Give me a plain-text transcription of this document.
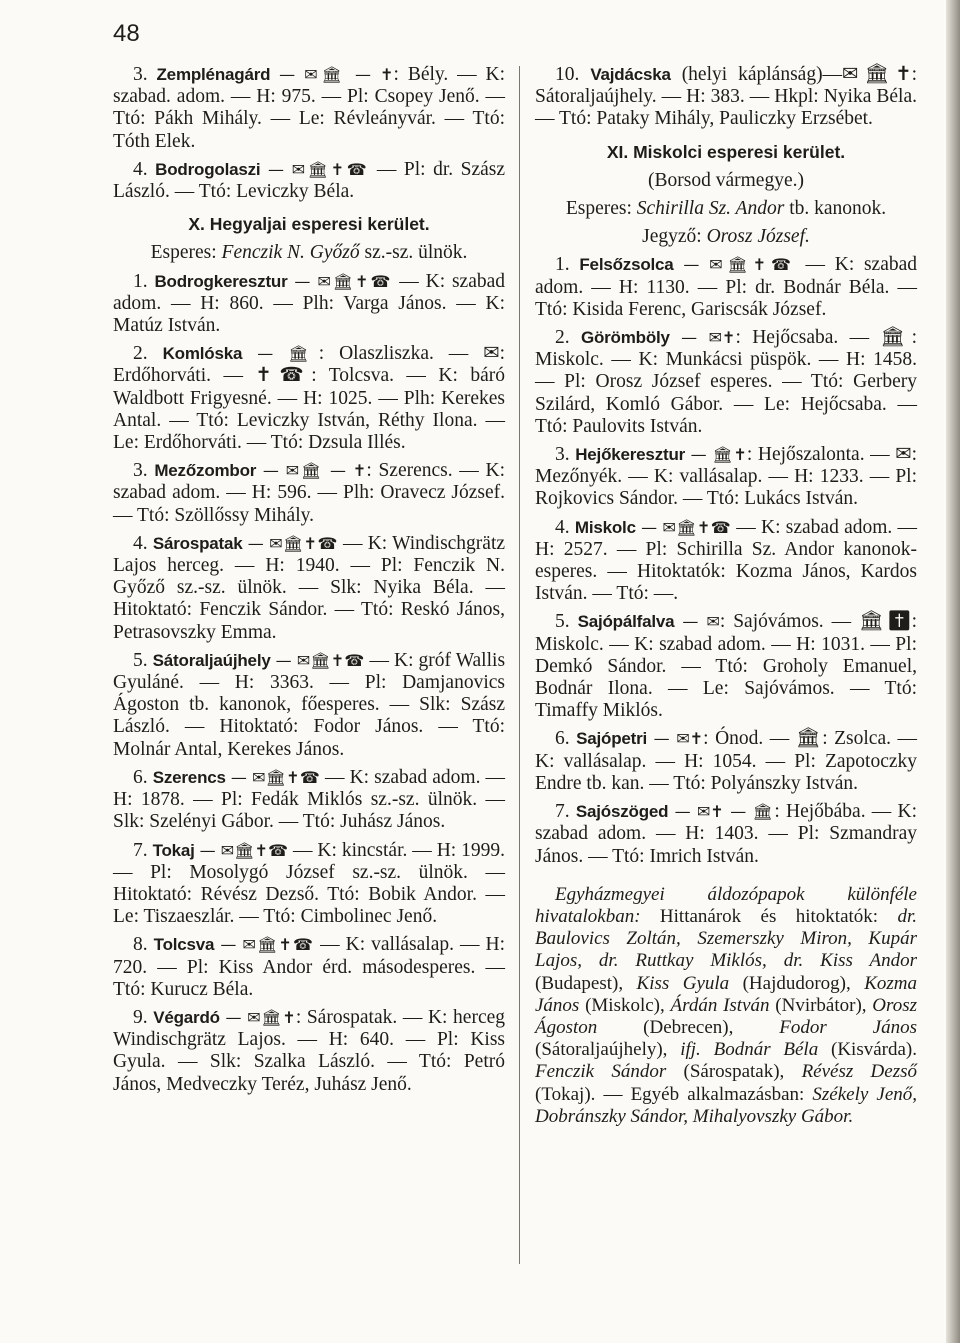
48
3. Zemplénagárd — ✉🏛 — ✝: Bély. — K: szabad. adom. — H: 975. — Pl: Csopey Jenő. — Ttó: Pákh Mihály. — Le: Révleányvár. — Ttó: Tóth Elek.
4. Bodrogolaszi — ✉🏛✝☎ — Pl: dr. Szász László. — Ttó: Leviczky Béla.
X. Hegyaljai esperesi kerület.
Esperes: Fenczik N. Győző sz.-sz. ülnök.
1. Bodrogkeresztur — ✉🏛✝☎ — K: szabad adom. — H: 860. — Plh: Varga János. — K: Matúz István.
2. Komlóska — 🏛: Olaszliszka. — ✉: Erdőhorváti. — ✝☎: Tolcsva. — K: báró Waldbott Frigyesné. — H: 1025. — Plh: Kerekes Antal. — Ttó: Leviczky István, Réthy Ilona. — Le: Erdőhorváti. — Ttó: Dzsula Illés.
3. Mezőzombor — ✉🏛 — ✝: Szerencs. — K: szabad adom. — H: 596. — Plh: Oravecz József. — Ttó: Szöllőssy Mihály.
4. Sárospatak — ✉🏛✝☎ — K: Windischgrätz Lajos herceg. — H: 1940. — Pl: Fenczik N. Győző sz.-sz. ülnök. — Slk: Nyika Béla. — Hitoktató: Fenczik Sándor. — Ttó: Reskó János, Petrasovszky Emma.
5. Sátoraljaújhely — ✉🏛✝☎ — K: gróf Wallis Gyuláné. — H: 3363. — Pl: Damjanovics Ágoston tb. kanonok, főesperes. — Slk: Szász László. — Hitoktató: Fodor János. — Ttó: Molnár Antal, Kerekes János.
6. Szerencs — ✉🏛✝☎ — K: szabad adom. — H: 1878. — Pl: Fedák Miklós sz.-sz. ülnök. — Slk: Szelényi Gábor. — Ttó: Juhász János.
7. Tokaj — ✉🏛✝☎ — K: kincstár. — H: 1999. — Pl: Mosolygó József sz.-sz. ülnök. — Hitoktató: Révész Dezső. Ttó: Bobik Andor. — Le: Tiszaeszlár. — Ttó: Cimbolinec Jenő.
8. Tolcsva — ✉🏛✝☎ — K: vallásalap. — H: 720. — Pl: Kiss Andor érd. másodesperes. — Ttó: Kurucz Béla.
9. Végardó — ✉🏛✝: Sárospatak. — K: herceg Windischgrätz Lajos. — H: 640. — Pl: Kiss Gyula. — Slk: Szalka László. — Ttó: Petró János, Medveczky Teréz, Juhász Jenő.
10. Vajdácska (helyi káplánság)—✉🏛✝: Sátoraljaújhely. — H: 383. — Hkpl: Nyika Béla. — Ttó: Pataky Mihály, Pauliczky Erzsébet.
XI. Miskolci esperesi kerület.
(Borsod vármegye.)
Esperes: Schirilla Sz. Andor tb. kanonok.
Jegyző: Orosz József.
1. Felsőzsolca — ✉🏛✝☎ — K: szabad adom. — H: 1130. — Pl: dr. Bodnár Béla. — Ttó: Kisida Ferenc, Gariscsák József.
2. Görömböly — ✉✝: Hejőcsaba. — 🏛: Miskolc. — K: Munkácsi püspök. — H: 1458. — Pl: Orosz József esperes. — Ttó: Gerbery Szilárd, Komló Gábor. — Le: Hejőcsaba. — Ttó: Paulovits István.
3. Hejőkeresztur — 🏛✝: Hejőszalonta. — ✉: Mezőnyék. — K: vallásalap. — H: 1233. — Pl: Rojkovics Sándor. — Ttó: Lukács István.
4. Miskolc — ✉🏛✝☎ — K: szabad adom. — H: 2527. — Pl: Schirilla Sz. Andor kanonok-esperes. — Hitoktatók: Kozma János, Kardos István. — Ttó: —.
5. Sajópálfalva — ✉: Sajóvámos. — 🏛✝: Miskolc. — K: szabad adom. — H: 1031. — Pl: Demkó Sándor. — Ttó: Groholy Emanuel, Bodnár Ilona. — Le: Sajóvámos. — Ttó: Timaffy Miklós.
6. Sajópetri — ✉✝: Ónod. — 🏛: Zsolca. — K: vallásalap. — H: 1054. — Pl: Zapotoczky Endre tb. kan. — Ttó: Polyánszky István.
7. Sajószöged — ✉✝ — 🏛: Hejőbába. — K: szabad adom. — H: 1403. — Pl: Szmandray János. — Ttó: Imrich István.
Egyházmegyei áldozópapok különféle hivatalokban: Hittanárok és hitoktatók: dr. Baulovics Zoltán, Szemerszky Miron, Kupár Lajos, dr. Ruttkay Miklós, dr. Kiss Andor (Budapest), Kiss Gyula (Hajdudorog), Kozma János (Miskolc), Árdán István (Nvirbátor), Orosz Ágoston (Debrecen), Fodor János (Sátoraljaújhely), ifj. Bodnár Béla (Kisvárda). Fenczik Sándor (Sárospatak), Révész Dezső (Tokaj). — Egyéb alkalmazásban: Székely Jenő, Dobránszky Sándor, Mihalyovszky Gábor.
